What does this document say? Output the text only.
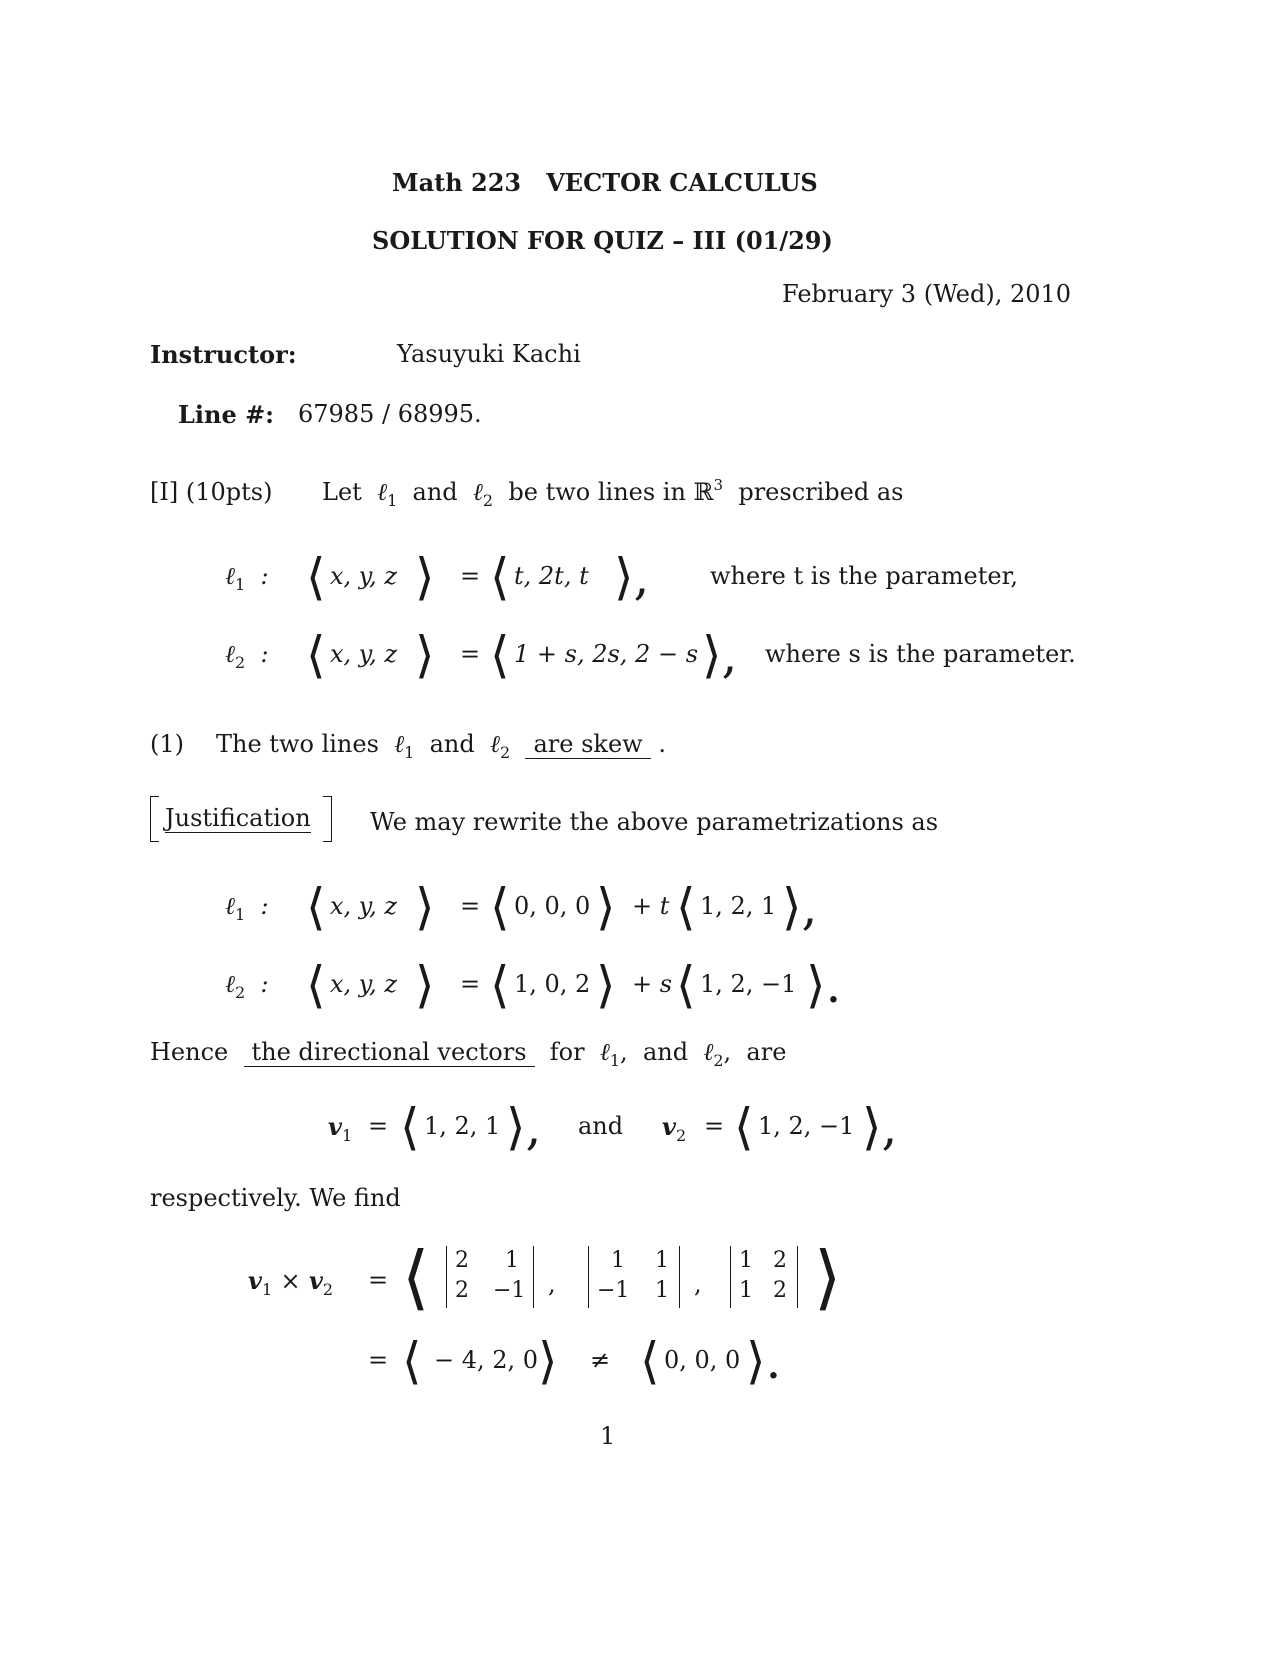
Math 223 VECTOR CALCULUS
SOLUTION FOR QUIZ – III (01/29)
February 3 (Wed), 2010
Instructor:	Yasuyuki Kachi
Line #: 67985 / 68995.
[I] (10pts) Let ℓ$_1$ and ℓ$_2$ be two lines in ℝ$^3$ prescribed as
ℓ$_1$  : ⟨ x, y, z ⟩ = ⟨ t, 2t, t ⟩,	where t is the parameter,
ℓ$_2$  : ⟨ x, y, z ⟩ = ⟨ 1 + s, 2s, 2 − s ⟩, where s is the parameter.
(1) The two lines ℓ$_1$ and ℓ$_2$ are skew .
Justification We may rewrite the above parametrizations as
ℓ$_1$  : ⟨ x, y, z ⟩ = ⟨ 0, 0, 0 ⟩ + t ⟨ 1, 2, 1 ⟩,
ℓ$_2$  : ⟨ x, y, z ⟩ = ⟨ 1, 0, 2 ⟩ + s ⟨ 1, 2, −1 ⟩.
Hence the directional vectors for ℓ$_1$,  and ℓ$_2$,  are
$v_1$ = ⟨ 1, 2, 1 ⟩, and $v_2$ = ⟨ 1, 2, −1 ⟩,
respectively. We find
$v_1 \times v_2$ = ⟨ 2 1
2 −1 ,
1 1
−1 1 ,
1 2
1 2 ⟩
= ⟨ − 4, 2, 0 ⟩ ≠ ⟨ 0, 0, 0 ⟩.
1
